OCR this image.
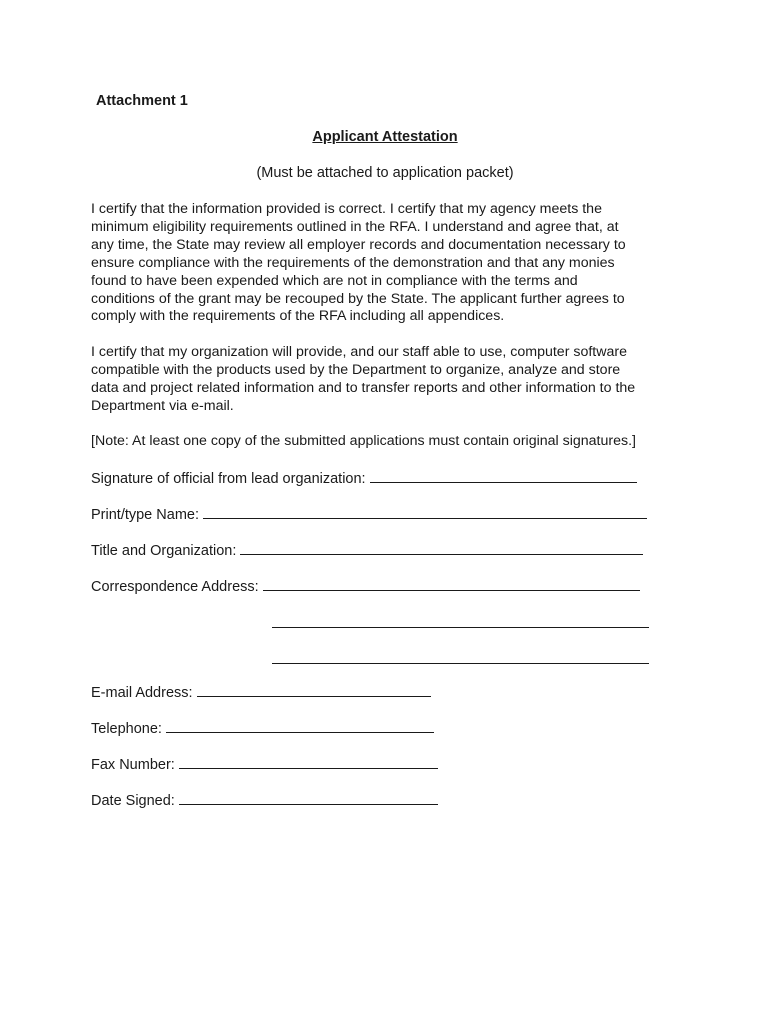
Attachment 1
Applicant Attestation
(Must be attached to application packet)
I certify that the information provided is correct. I certify that my agency meets the
minimum eligibility requirements outlined in the RFA. I understand and agree that, at
any time, the State may review all employer records and documentation necessary to
ensure compliance with the requirements of the demonstration and that any monies
found to have been expended which are not in compliance with the terms and
conditions of the grant may be recouped by the State. The applicant further agrees to
comply with the requirements of the RFA including all appendices.
I certify that my organization will provide, and our staff able to use, computer software
compatible with the products used by the Department to organize, analyze and store
data and project related information and to transfer reports and other information to the
Department via e-mail.
[Note: At least one copy of the submitted applications must contain original signatures.]
Signature of official from lead organization:
Print/type Name:
Title and Organization:
Correspondence Address:
E-mail Address:
Telephone:
Fax Number:
Date Signed:
